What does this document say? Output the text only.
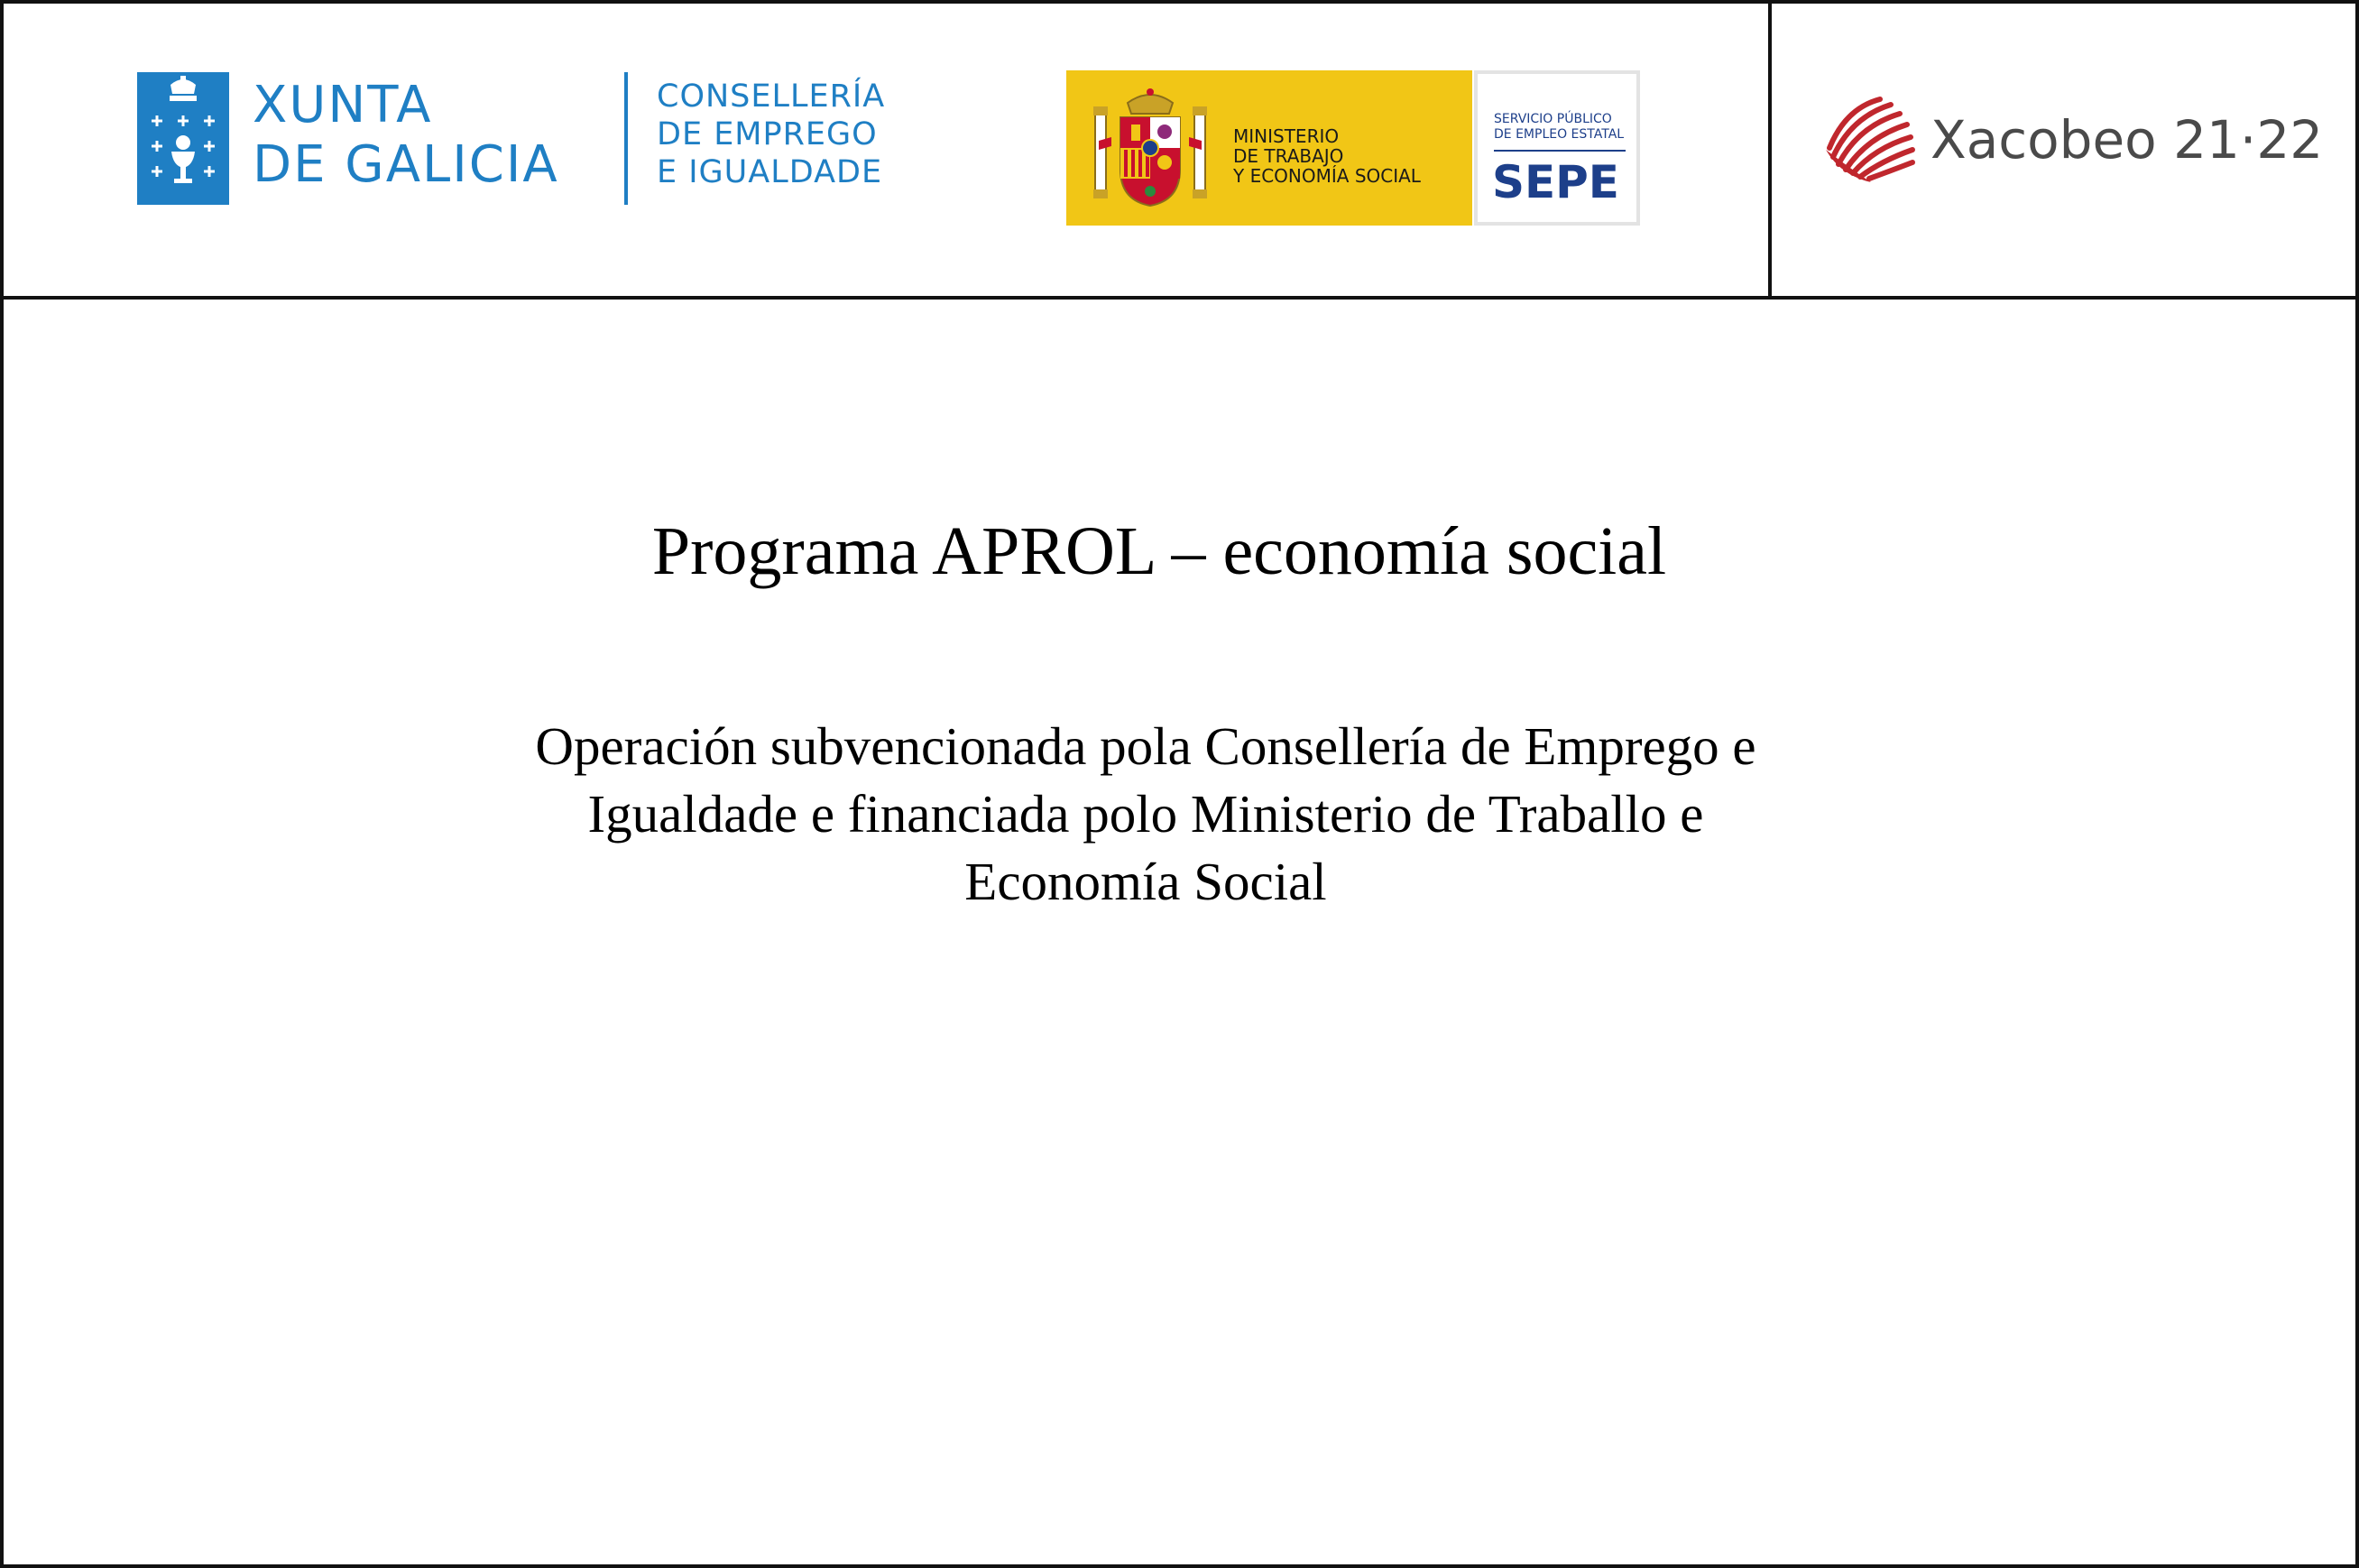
XUNTA
DE GALICIA
CONSELLERÍA
DE EMPREGO
E IGUALDADE
MINISTERIO
DE TRABAJO
Y ECONOMÍA SOCIAL
SERVICIO PÚBLICO
DE EMPLEO ESTATAL
SEPE
Xacobeo 21·22
Programa APROL – economía social
Operación subvencionada pola Consellería de Emprego e
Igualdade e financiada polo Ministerio de Traballo e
Economía Social
